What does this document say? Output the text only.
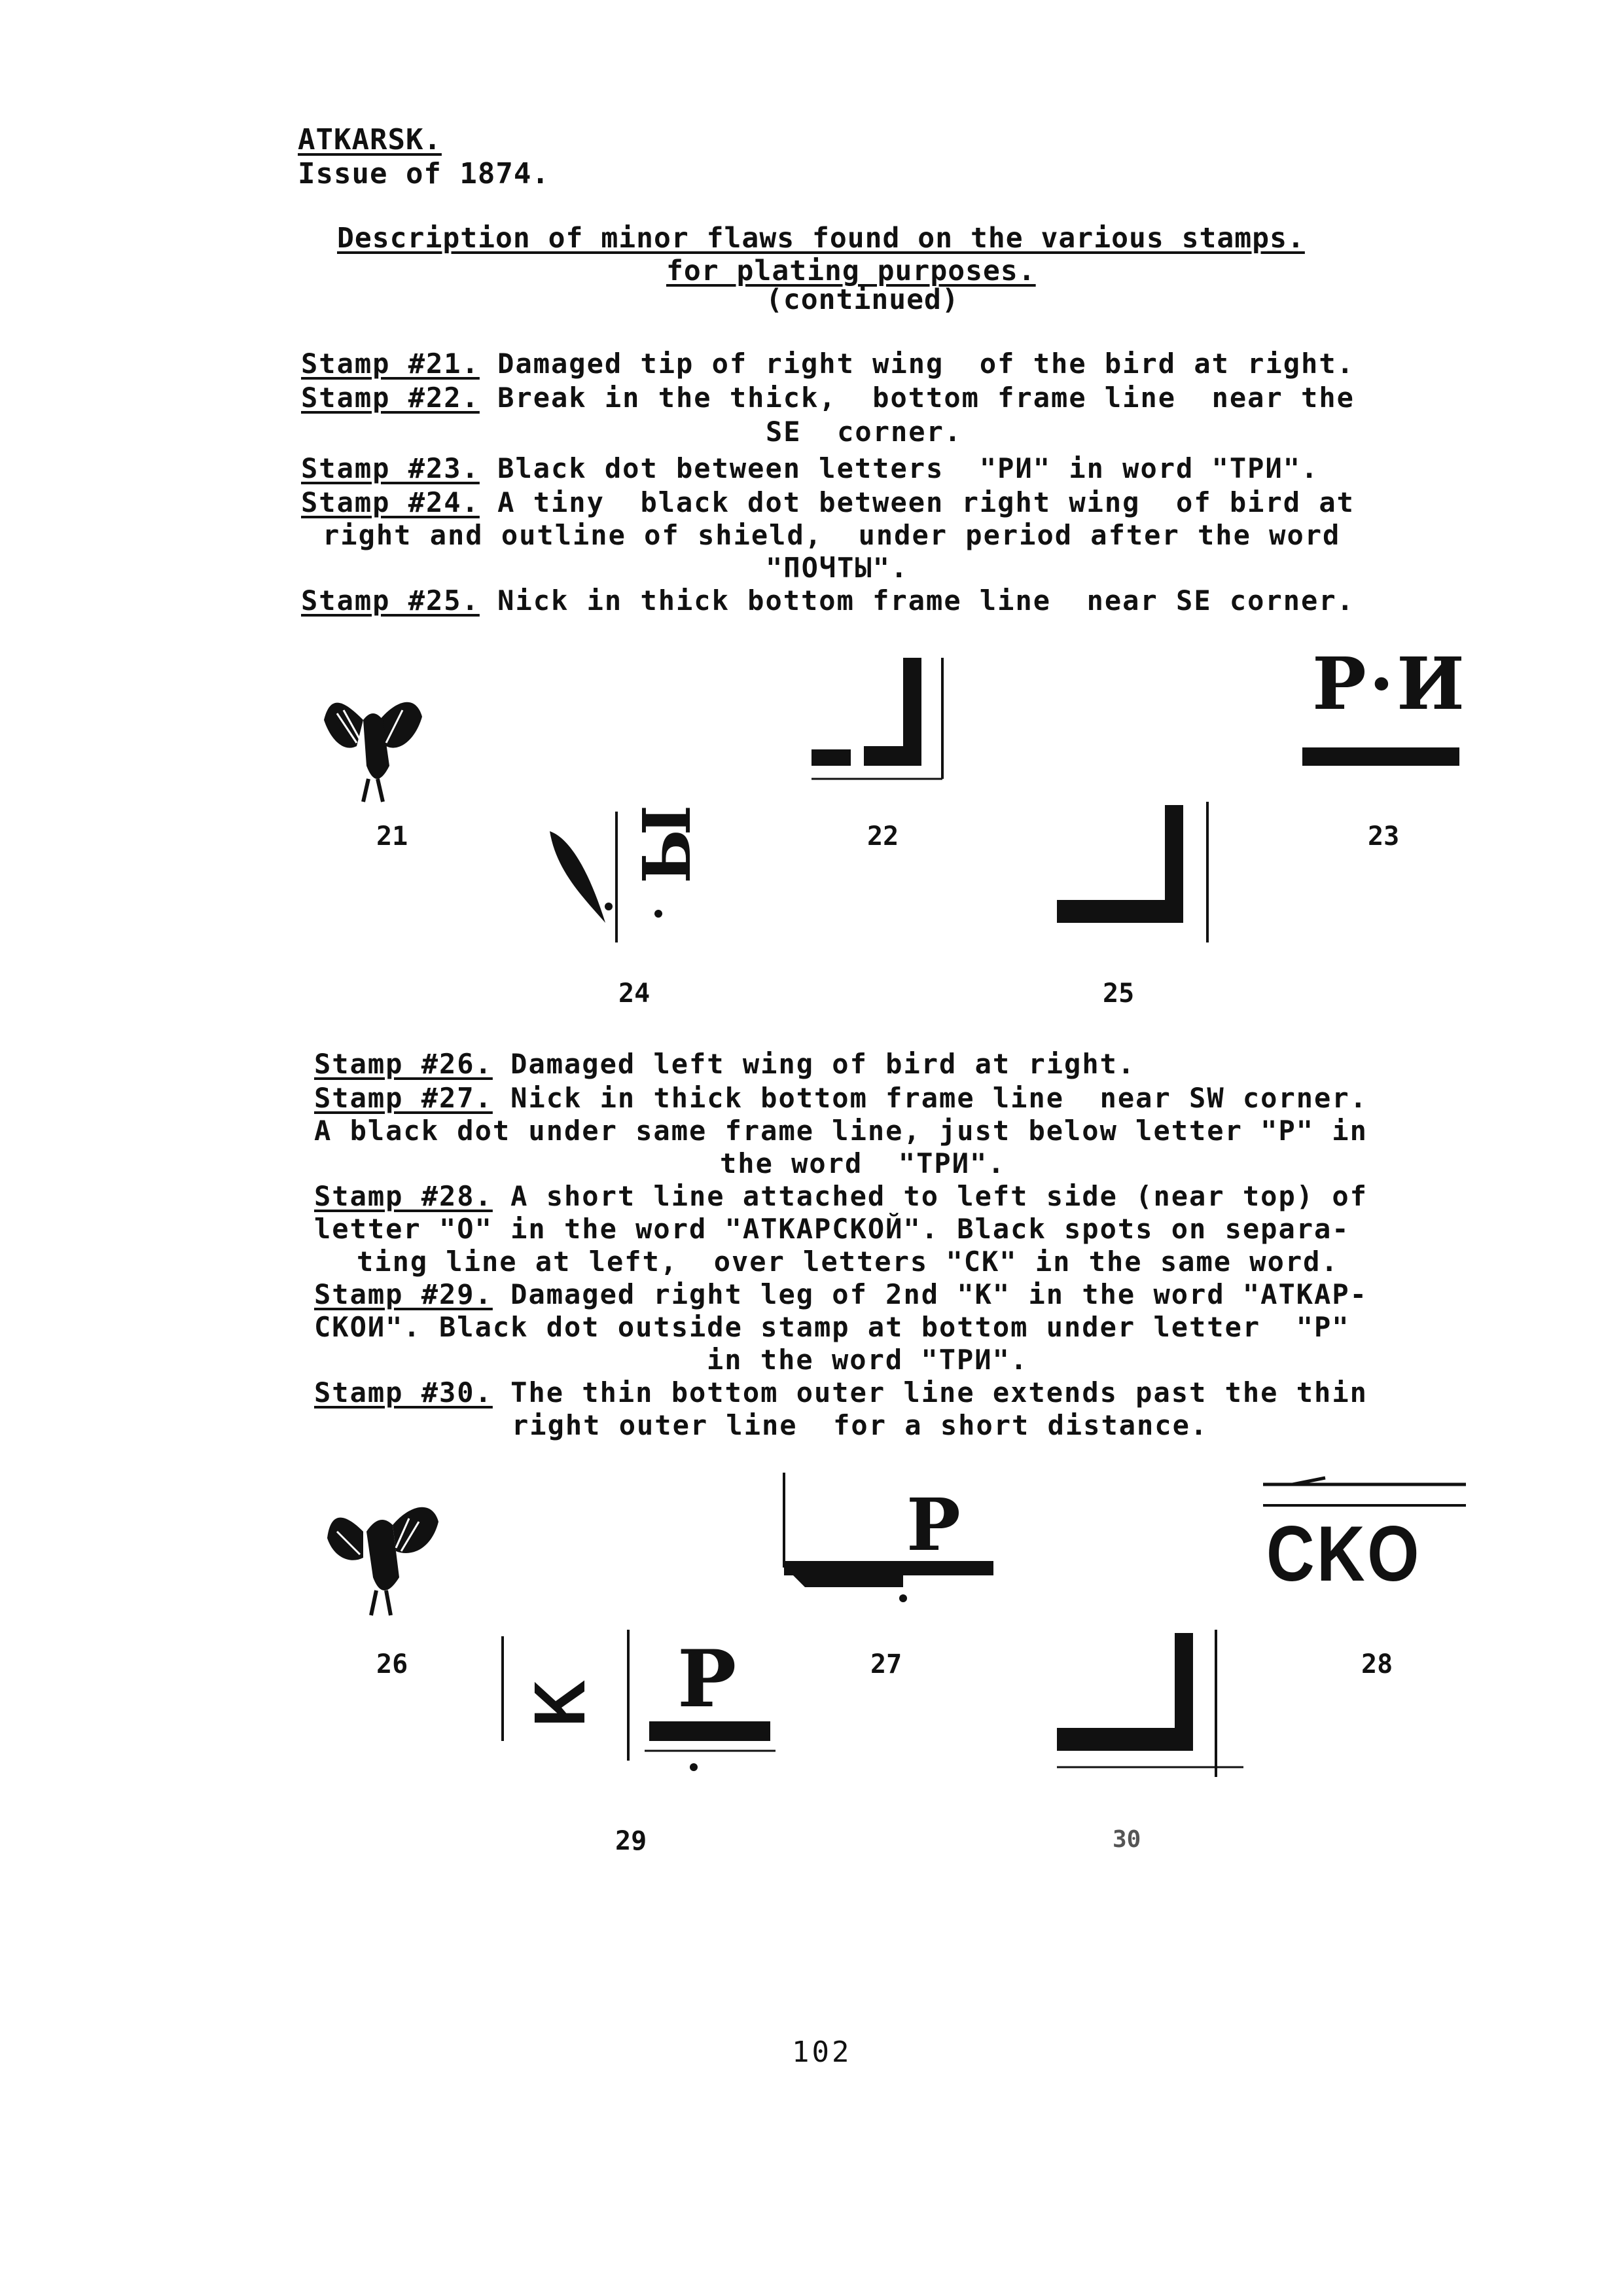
ATKARSK.
Issue of 1874.
Description of minor flaws found on the various stamps.
for plating purposes.
(continued)
Stamp #21. Damaged tip of right wing  of the bird at right.
Stamp #22. Break in the thick,  bottom frame line  near the
SE  corner.
Stamp #23. Black dot between letters  "PИ" in word "TPИ".
Stamp #24. A tiny  black dot between right wing  of bird at
right and outline of shield,  under period after the word
"ПОЧТЫ".
Stamp #25. Nick in thick bottom frame line  near SE corner.
21	22
Р·И
23
Ы
24	25
Stamp #26. Damaged left wing of bird at right.
Stamp #27. Nick in thick bottom frame line  near SW corner.
A black dot under same frame line, just below letter "P" in
the word  "TPИ".
Stamp #28. A short line attached to left side (near top) of
letter "O" in the word "ATKAPCKOЙ". Black spots on separa-
ting line at left,  over letters "CK" in the same word.
Stamp #29. Damaged right leg of 2nd "K" in the word "ATKAP-
CKOИ". Black dot outside stamp at bottom under letter  "P"
in the word "TPИ".
Stamp #30. The thin bottom outer line extends past the thin
right outer line  for a short distance.
26
P
27
CKO
28
K P
29	30
102
